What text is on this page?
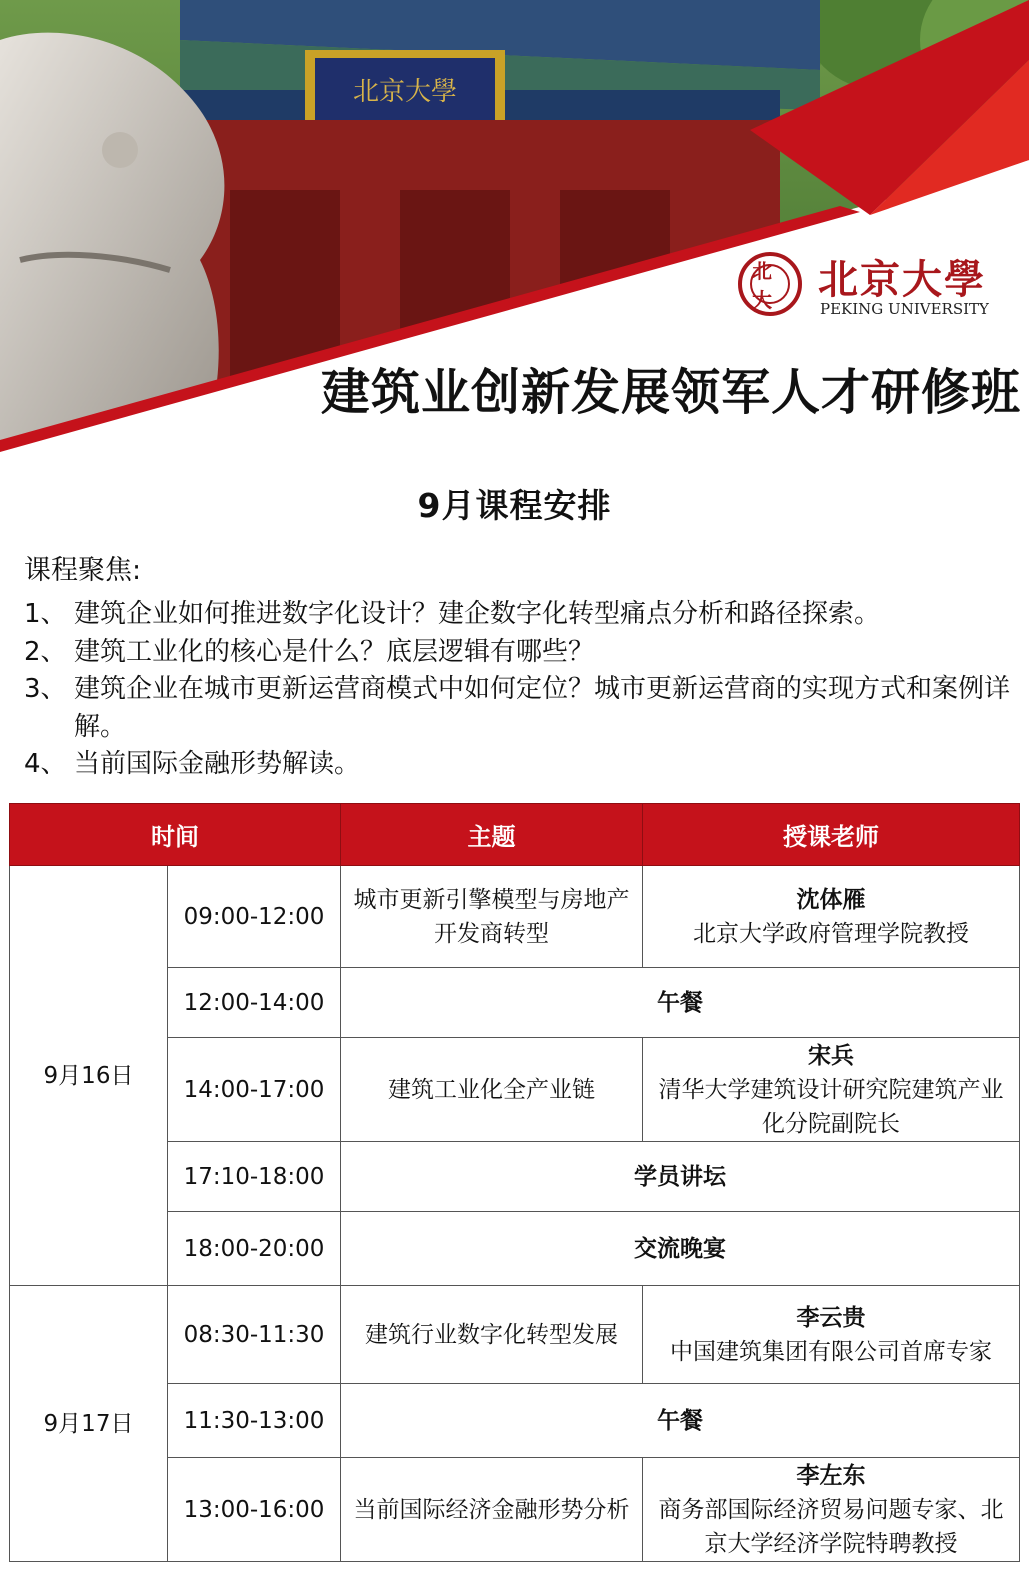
北京大學
北大	北京大學
PEKING UNIVERSITY
建筑业创新发展领军人才研修班
9月课程安排
课程聚焦:
1、 建筑企业如何推进数字化设计？建企数字化转型痛点分析和路径探索。
2、 建筑工业化的核心是什么？底层逻辑有哪些？
3、 建筑企业在城市更新运营商模式中如何定位？城市更新运营商的实现方式和案例详解。
4、 当前国际金融形势解读。
时间		主题	授课老师
9月16日	09:00-12:00	城市更新引擎模型与房地产开发商转型	沈体雁
北京大学政府管理学院教授

	12:00-14:00	午餐	
	14:00-17:00	建筑工业化全产业链	宋兵
清华大学建筑设计研究院建筑产业化分院副院长

	17:10-18:00	学员讲坛	
	18:00-20:00	交流晚宴	
9月17日	08:30-11:30	建筑行业数字化转型发展	李云贵
中国建筑集团有限公司首席专家

	11:30-13:00	午餐	
	13:00-16:00	当前国际经济金融形势分析	李左东
商务部国际经济贸易问题专家、北京大学经济学院特聘教授
